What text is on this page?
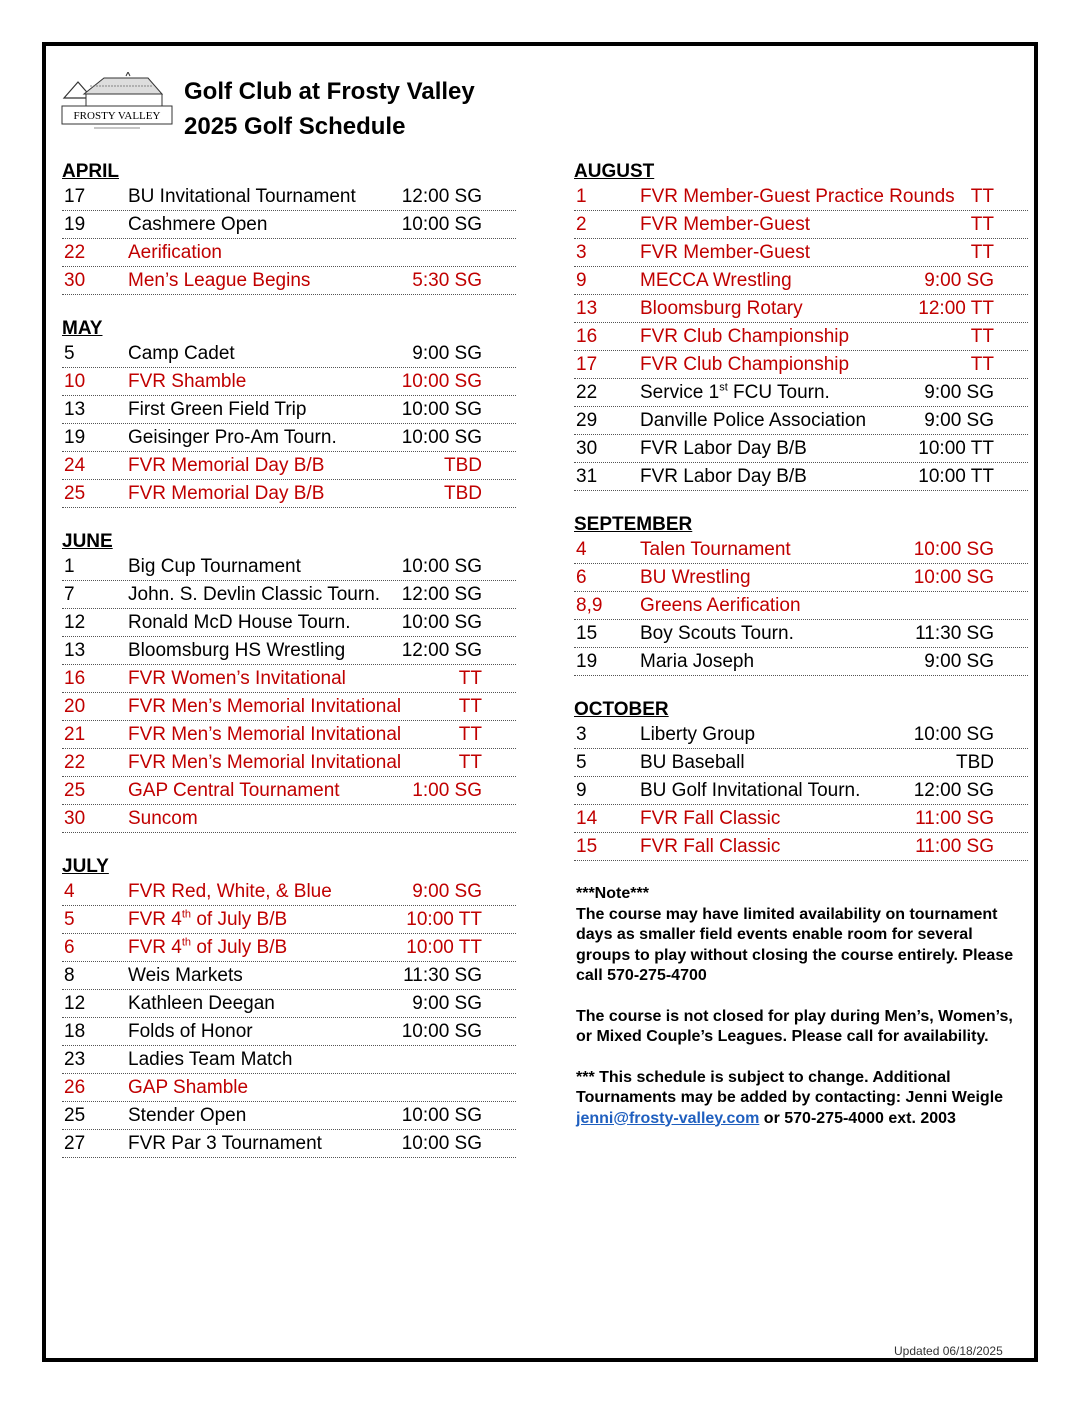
FROSTY VALLEY
Golf Club at Frosty Valley
2025 Golf Schedule
APRIL
17 BU Invitational Tournament 12:00 SG
19 Cashmere Open	10:00 SG
22 Aerification
30 Men’s League Begins	5:30 SG
MAY
5	Camp Cadet	9:00 SG
10 FVR Shamble	10:00 SG
13 First Green Field Trip	10:00 SG
19 Geisinger Pro-Am Tourn.	10:00 SG
24 FVR Memorial Day B/B	TBD
25 FVR Memorial Day B/B	TBD
JUNE
1	Big Cup Tournament	10:00 SG
7	John. S. Devlin Classic Tourn. 12:00 SG
12 Ronald McD House Tourn.	10:00 SG
13 Bloomsburg HS Wrestling	12:00 SG
16 FVR Women’s Invitational	TT
20 FVR Men’s Memorial Invitational	TT
21 FVR Men’s Memorial Invitational	TT
22 FVR Men’s Memorial Invitational	TT
25 GAP Central Tournament	1:00 SG
30 Suncom
JULY
4	FVR Red, White, & Blue	9:00 SG
5	FVR 4th of July B/B	10:00 TT
6	FVR 4th of July B/B	10:00 TT
8	Weis Markets	11:30 SG
12 Kathleen Deegan	9:00 SG
18 Folds of Honor	10:00 SG
23 Ladies Team Match
26 GAP Shamble
25 Stender Open	10:00 SG
27 FVR Par 3 Tournament	10:00 SG
AUGUST
1	FVR Member-Guest Practice Rounds TT
2	FVR Member-Guest	TT
3	FVR Member-Guest	TT
9	MECCA Wrestling	9:00 SG
13 Bloomsburg Rotary	12:00 TT
16 FVR Club Championship	TT
17 FVR Club Championship	TT
22 Service 1st FCU Tourn.	9:00 SG
29 Danville Police Association	9:00 SG
30 FVR Labor Day B/B	10:00 TT
31 FVR Labor Day B/B	10:00 TT
SEPTEMBER
4	Talen Tournament	10:00 SG
6	BU Wrestling	10:00 SG
8,9 Greens Aerification
15 Boy Scouts Tourn.	11:30 SG
19 Maria Joseph	9:00 SG
OCTOBER
3	Liberty Group	10:00 SG
5	BU Baseball	TBD
9	BU Golf Invitational Tourn.	12:00 SG
14 FVR Fall Classic	11:00 SG
15 FVR Fall Classic	11:00 SG
***Note***

The course may have limited availability on tournament days as smaller field events enable room for several groups to play without closing the course entirely. Please call 570-275-4700

The course is not closed for play during Men’s, Women’s, or Mixed Couple’s Leagues. Please call for availability.

*** This schedule is subject to change. Additional Tournaments may be added by contacting: Jenni Weigle jenni@frosty-valley.com or 570-275-4000 ext. 2003

Updated 06/18/2025
